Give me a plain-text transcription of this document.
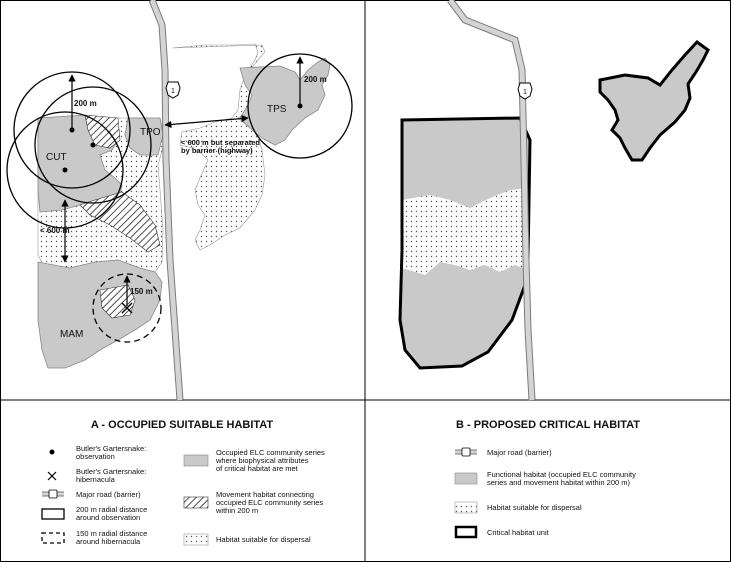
1
200 m
200 m
CUT
TPO
TPS
MAM
< 600 m
150 m
< 600 m but separated
by barrier (highway)
1
A - OCCUPIED SUITABLE HABITAT	B - PROPOSED CRITICAL HABITAT
Butler's Gartersnake:
observation
Butler's Gartersnake:
hibernacula
Major road (barrier)
200 m radial distance
around observation
150 m radial distance
around hibernacula
Occupied ELC community series
where biophysical attributes
of critical habitat are met
Movement habitat connecting
occupied ELC community series
within 200 m
Habitat suitable for dispersal
Major road (barrier)
Functional habitat (occupied ELC community
series and movement habitat within 200 m)
Habitat suitable for dispersal
Critical habitat unit
